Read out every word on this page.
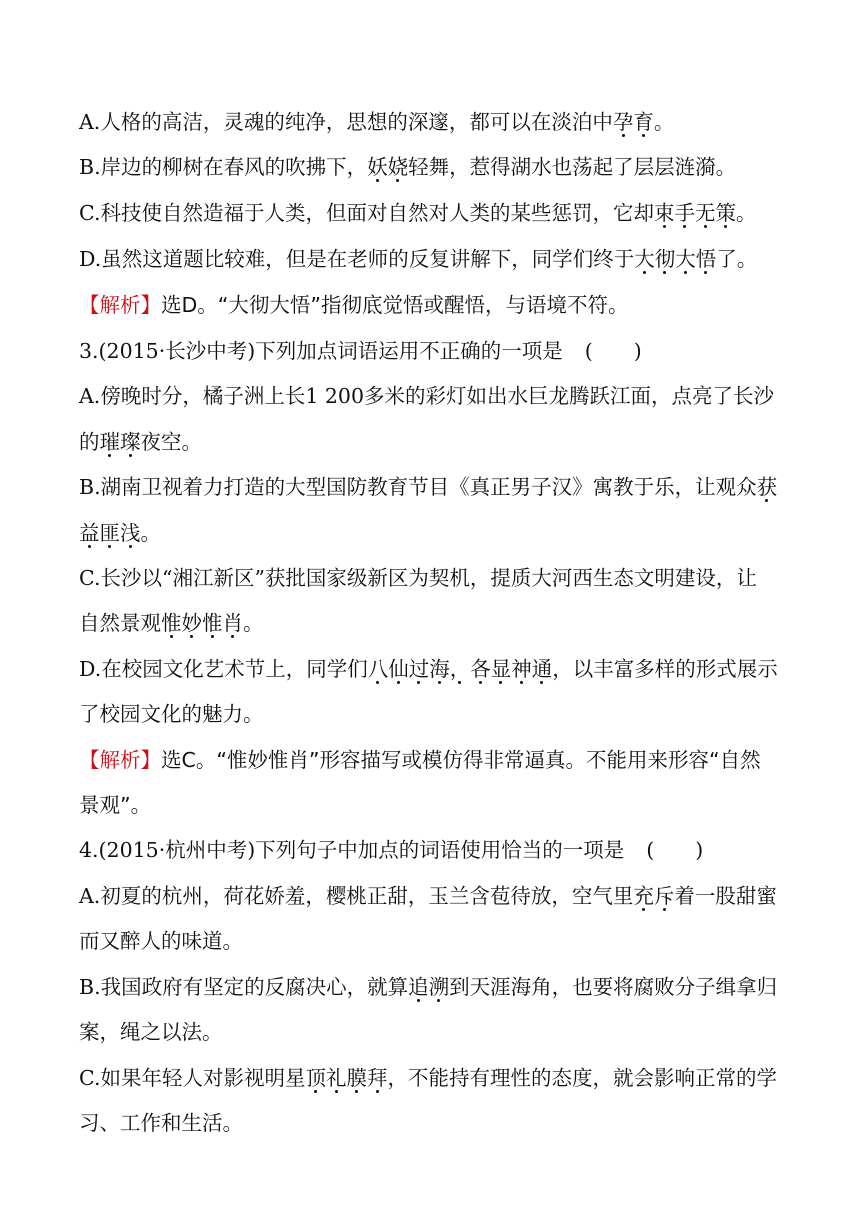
A.人格的高洁，灵魂的纯净，思想的深邃，都可以在淡泊中孕育。
B.岸边的柳树在春风的吹拂下，妖娆轻舞，惹得湖水也荡起了层层涟漪。
C.科技使自然造福于人类，但面对自然对人类的某些惩罚，它却束手无策。
D.虽然这道题比较难，但是在老师的反复讲解下，同学们终于大彻大悟了。
【解析】选D。“大彻大悟”指彻底觉悟或醒悟，与语境不符。
3.(2015·长沙中考)下列加点词语运用不正确的一项是 (　　)
A.傍晚时分，橘子洲上长1 200多米的彩灯如出水巨龙腾跃江面，点亮了长沙
的璀璨夜空。
B.湖南卫视着力打造的大型国防教育节目《真正男子汉》寓教于乐，让观众获
益匪浅。
C.长沙以“湘江新区”获批国家级新区为契机，提质大河西生态文明建设，让
自然景观惟妙惟肖。
D.在校园文化艺术节上，同学们八仙过海，各显神通，以丰富多样的形式展示
了校园文化的魅力。
【解析】选C。“惟妙惟肖”形容描写或模仿得非常逼真。不能用来形容“自然
景观”。
4.(2015·杭州中考)下列句子中加点的词语使用恰当的一项是 (　　)
A.初夏的杭州，荷花娇羞，樱桃正甜，玉兰含苞待放，空气里充斥着一股甜蜜
而又醉人的味道。
B.我国政府有坚定的反腐决心，就算追溯到天涯海角，也要将腐败分子缉拿归
案，绳之以法。
C.如果年轻人对影视明星顶礼膜拜，不能持有理性的态度，就会影响正常的学
习、工作和生活。
